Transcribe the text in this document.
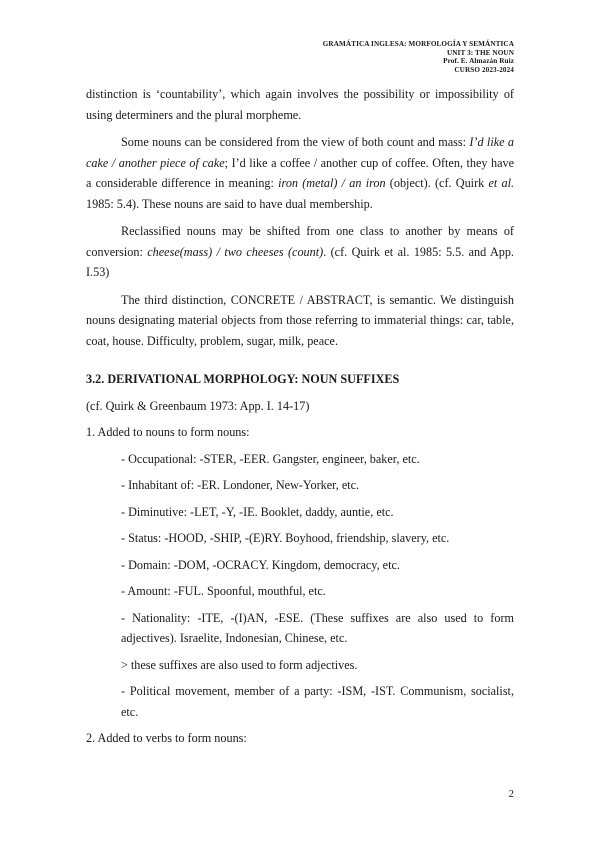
GRAMÁTICA INGLESA: MORFOLOGÍA Y SEMÁNTICA
UNIT 3: THE NOUN
Prof. E. Almazán Ruiz
CURSO 2023-2024

distinction is ‘countability’, which again involves the possibility or impossibility of using determiners and the plural morpheme.

Some nouns can be considered from the view of both count and mass: I’d like a cake / another piece of cake; I’d like a coffee / another cup of coffee. Often, they have a considerable difference in meaning: iron (metal) / an iron (object). (cf. Quirk et al. 1985: 5.4). These nouns are said to have dual membership.

Reclassified nouns may be shifted from one class to another by means of conversion: cheese(mass) / two cheeses (count). (cf. Quirk et al. 1985: 5.5. and App. I.53)

The third distinction, CONCRETE / ABSTRACT, is semantic. We distinguish nouns designating material objects from those referring to immaterial things: car, table, coat, house. Difficulty, problem, sugar, milk, peace.

3.2. DERIVATIONAL MORPHOLOGY: NOUN SUFFIXES

(cf. Quirk & Greenbaum 1973: App. I. 14-17)

1. Added to nouns to form nouns:

- Occupational: -STER, -EER. Gangster, engineer, baker, etc.

- Inhabitant of: -ER. Londoner, New-Yorker, etc.

- Diminutive: -LET, -Y, -IE. Booklet, daddy, auntie, etc.

- Status: -HOOD, -SHIP, -(E)RY. Boyhood, friendship, slavery, etc.

- Domain: -DOM, -OCRACY. Kingdom, democracy, etc.

- Amount: -FUL. Spoonful, mouthful, etc.

- Nationality: -ITE, -(I)AN, -ESE. (These suffixes are also used to form adjectives). Israelite, Indonesian, Chinese, etc.

> these suffixes are also used to form adjectives.

- Political movement, member of a party: -ISM, -IST. Communism, socialist, etc.

2. Added to verbs to form nouns:

2
